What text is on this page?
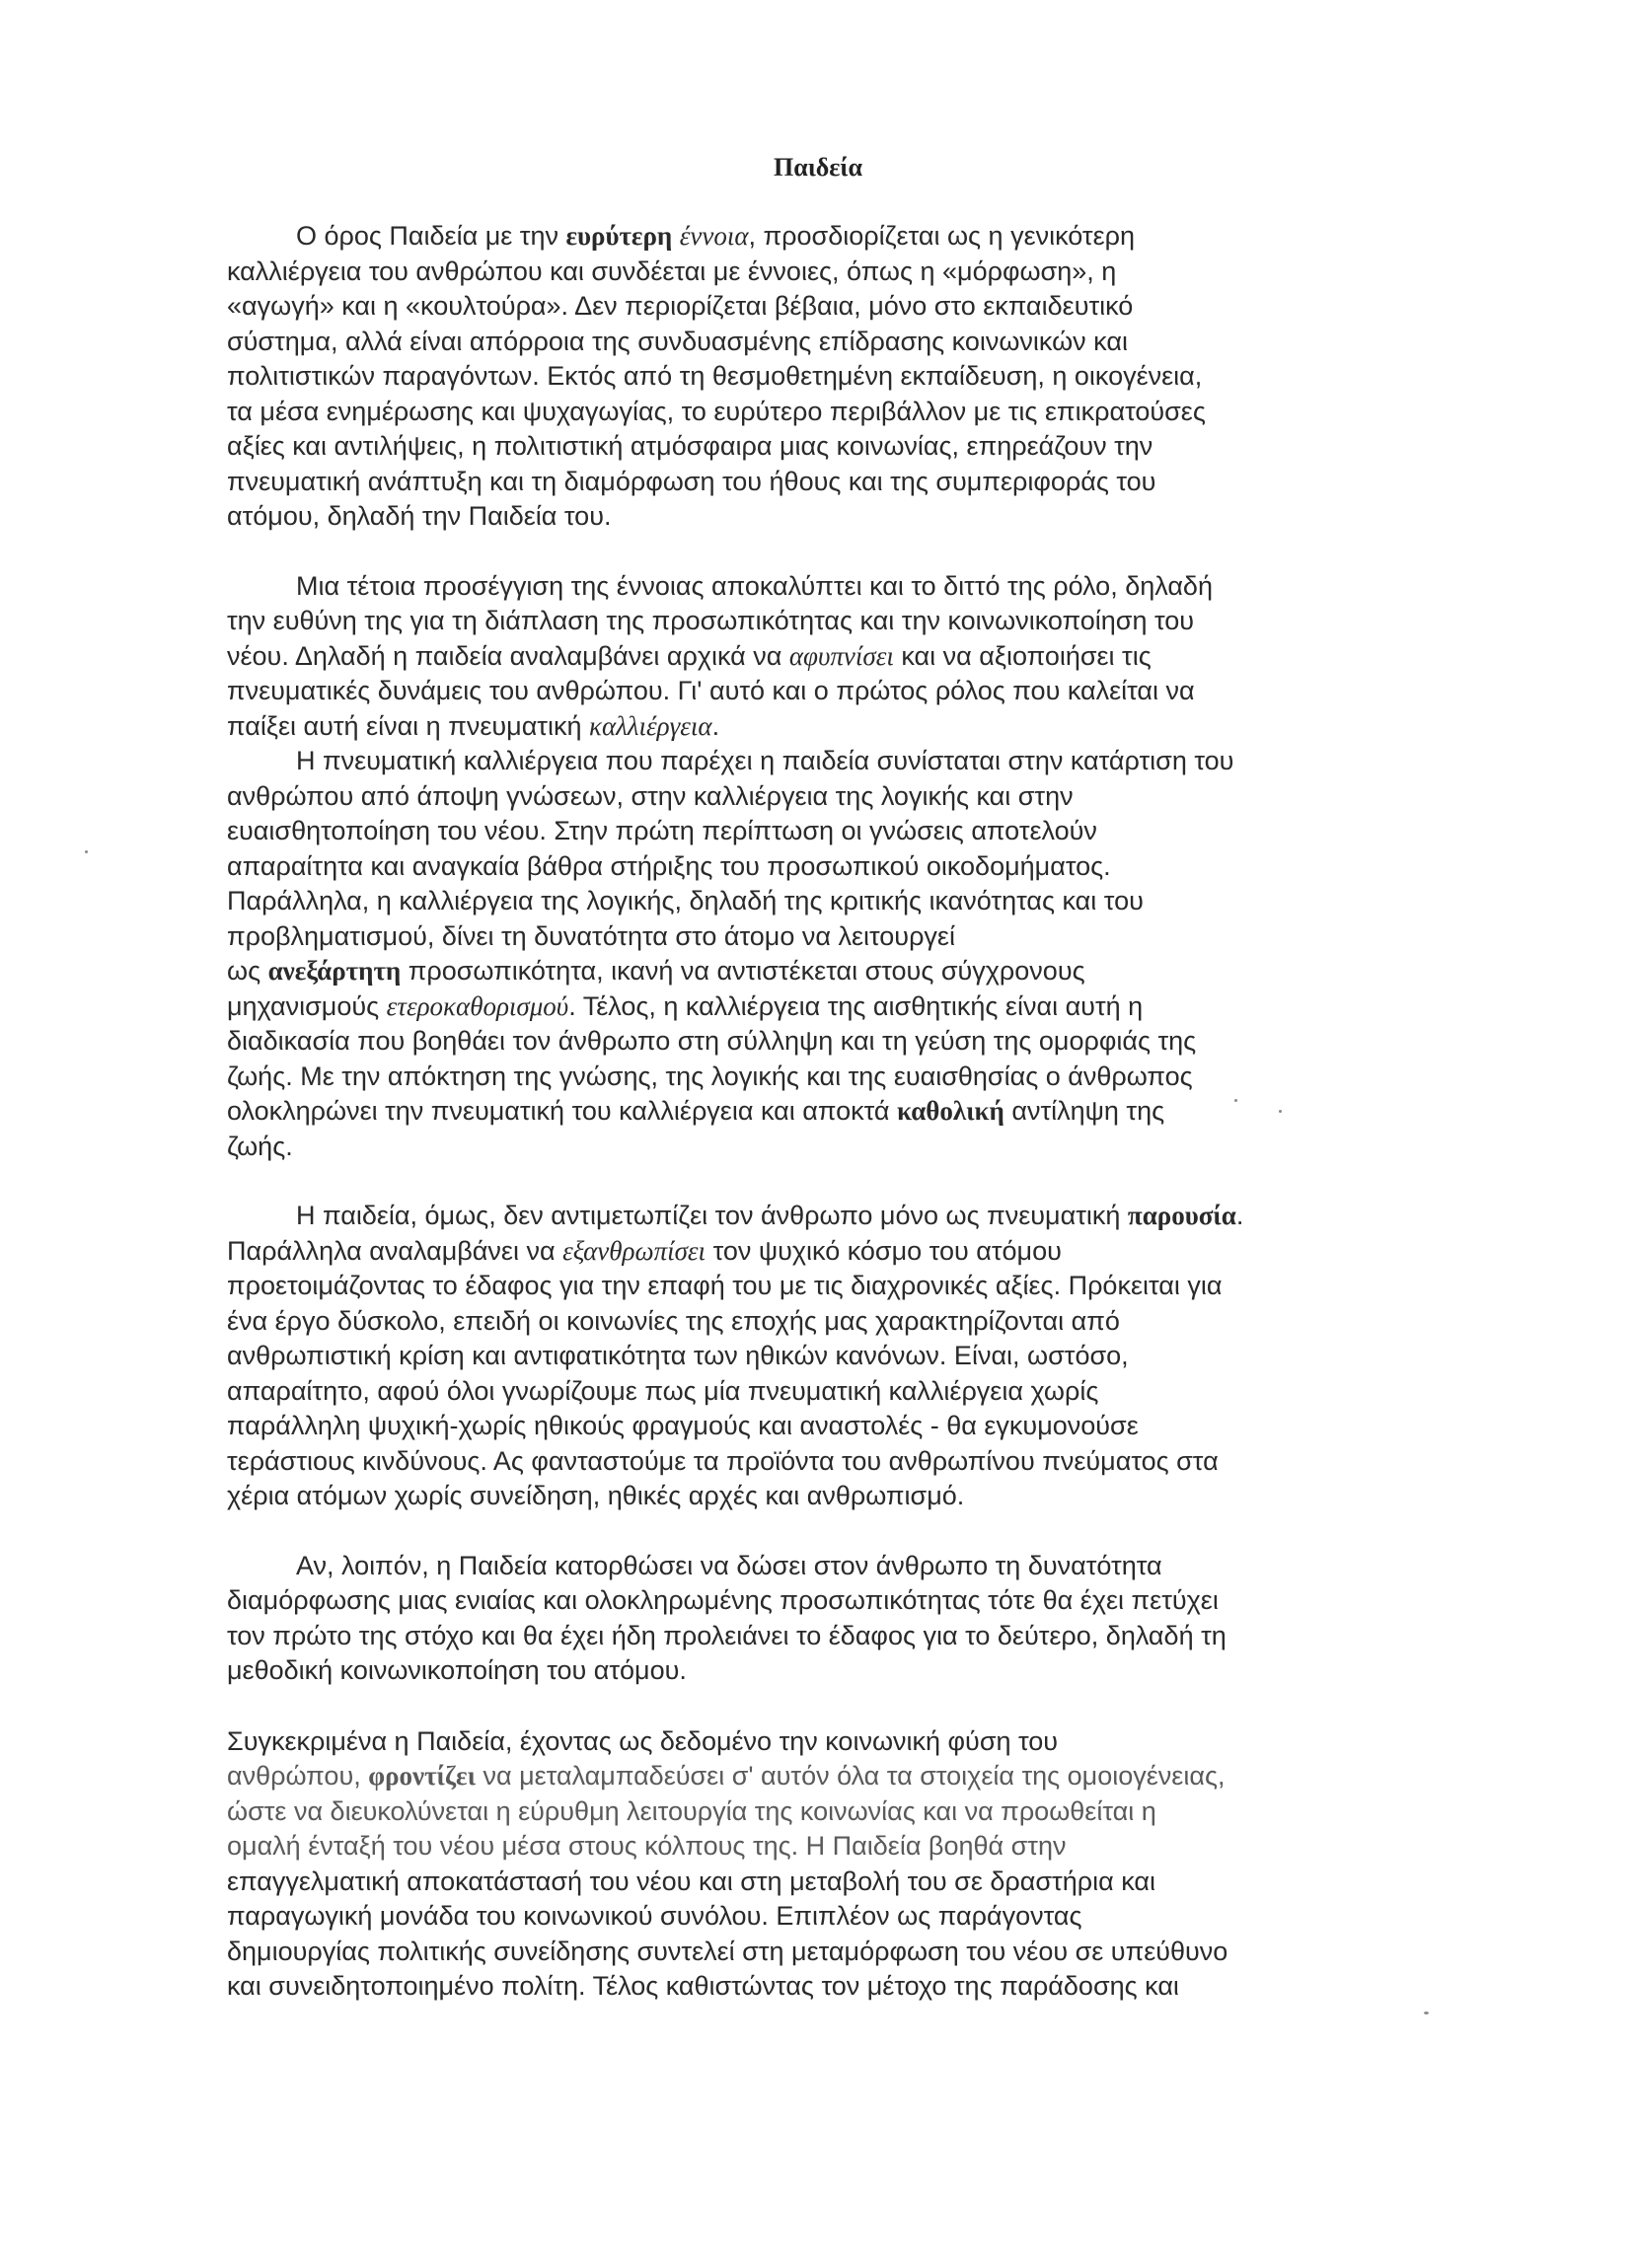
Παιδεία

Ο όρος Παιδεία με την ευρύτερη έννοια, προσδιορίζεται ως η γενικότερη
καλλιέργεια του ανθρώπου και συνδέεται με έννοιες, όπως η «μόρφωση», η
«αγωγή» και η «κουλτούρα». Δεν περιορίζεται βέβαια, μόνο στο εκπαιδευτικό
σύστημα, αλλά είναι απόρροια της συνδυασμένης επίδρασης κοινωνικών και
πολιτιστικών παραγόντων. Εκτός από τη θεσμοθετημένη εκπαίδευση, η οικογένεια,
τα μέσα ενημέρωσης και ψυχαγωγίας, το ευρύτερο περιβάλλον με τις επικρατούσες
αξίες και αντιλήψεις, η πολιτιστική ατμόσφαιρα μιας κοινωνίας, επηρεάζουν την
πνευματική ανάπτυξη και τη διαμόρφωση του ήθους και της συμπεριφοράς του
ατόμου, δηλαδή την Παιδεία του.

Μια τέτοια προσέγγιση της έννοιας αποκαλύπτει και το διττό της ρόλο, δηλαδή
την ευθύνη της για τη διάπλαση της προσωπικότητας και την κοινωνικοποίηση του
νέου. Δηλαδή η παιδεία αναλαμβάνει αρχικά να αφυπνίσει και να αξιοποιήσει τις
πνευματικές δυνάμεις του ανθρώπου. Γι' αυτό και ο πρώτος ρόλος που καλείται να
παίξει αυτή είναι η πνευματική καλλιέργεια.

Η πνευματική καλλιέργεια που παρέχει η παιδεία συνίσταται στην κατάρτιση του
ανθρώπου από άποψη γνώσεων, στην καλλιέργεια της λογικής και στην
ευαισθητοποίηση του νέου. Στην πρώτη περίπτωση οι γνώσεις αποτελούν
απαραίτητα και αναγκαία βάθρα στήριξης του προσωπικού οικοδομήματος.
Παράλληλα, η καλλιέργεια της λογικής, δηλαδή της κριτικής ικανότητας και του
προβληματισμού, δίνει τη δυνατότητα στο άτομο να λειτουργεί
ως ανεξάρτητη προσωπικότητα, ικανή να αντιστέκεται στους σύγχρονους
μηχανισμούς ετεροκαθορισμού. Τέλος, η καλλιέργεια της αισθητικής είναι αυτή η
διαδικασία που βοηθάει τον άνθρωπο στη σύλληψη και τη γεύση της ομορφιάς της
ζωής. Με την απόκτηση της γνώσης, της λογικής και της ευαισθησίας ο άνθρωπος
ολοκληρώνει την πνευματική του καλλιέργεια και αποκτά καθολική αντίληψη της
ζωής.

Η παιδεία, όμως, δεν αντιμετωπίζει τον άνθρωπο μόνο ως πνευματική παρουσία.
Παράλληλα αναλαμβάνει να εξανθρωπίσει τον ψυχικό κόσμο του ατόμου
προετοιμάζοντας το έδαφος για την επαφή του με τις διαχρονικές αξίες. Πρόκειται για
ένα έργο δύσκολο, επειδή οι κοινωνίες της εποχής μας χαρακτηρίζονται από
ανθρωπιστική κρίση και αντιφατικότητα των ηθικών κανόνων. Είναι, ωστόσο,
απαραίτητο, αφού όλοι γνωρίζουμε πως μία πνευματική καλλιέργεια χωρίς
παράλληλη ψυχική-χωρίς ηθικούς φραγμούς και αναστολές - θα εγκυμονούσε
τεράστιους κινδύνους. Ας φανταστούμε τα προϊόντα του ανθρωπίνου πνεύματος στα
χέρια ατόμων χωρίς συνείδηση, ηθικές αρχές και ανθρωπισμό.

Αν, λοιπόν, η Παιδεία κατορθώσει να δώσει στον άνθρωπο τη δυνατότητα
διαμόρφωσης μιας ενιαίας και ολοκληρωμένης προσωπικότητας τότε θα έχει πετύχει
τον πρώτο της στόχο και θα έχει ήδη προλειάνει το έδαφος για το δεύτερο, δηλαδή τη
μεθοδική κοινωνικοποίηση του ατόμου.

Συγκεκριμένα η Παιδεία, έχοντας ως δεδομένο την κοινωνική φύση του
ανθρώπου, φροντίζει να μεταλαμπαδεύσει σ' αυτόν όλα τα στοιχεία της ομοιογένειας,
ώστε να διευκολύνεται η εύρυθμη λειτουργία της κοινωνίας και να προωθείται η
ομαλή ένταξή του νέου μέσα στους κόλπους της. Η Παιδεία βοηθά στην
επαγγελματική αποκατάστασή του νέου και στη μεταβολή του σε δραστήρια και
παραγωγική μονάδα του κοινωνικού συνόλου. Επιπλέον ως παράγοντας
δημιουργίας πολιτικής συνείδησης συντελεί στη μεταμόρφωση του νέου σε υπεύθυνο
και συνειδητοποιημένο πολίτη. Τέλος καθιστώντας τον μέτοχο της παράδοσης και
